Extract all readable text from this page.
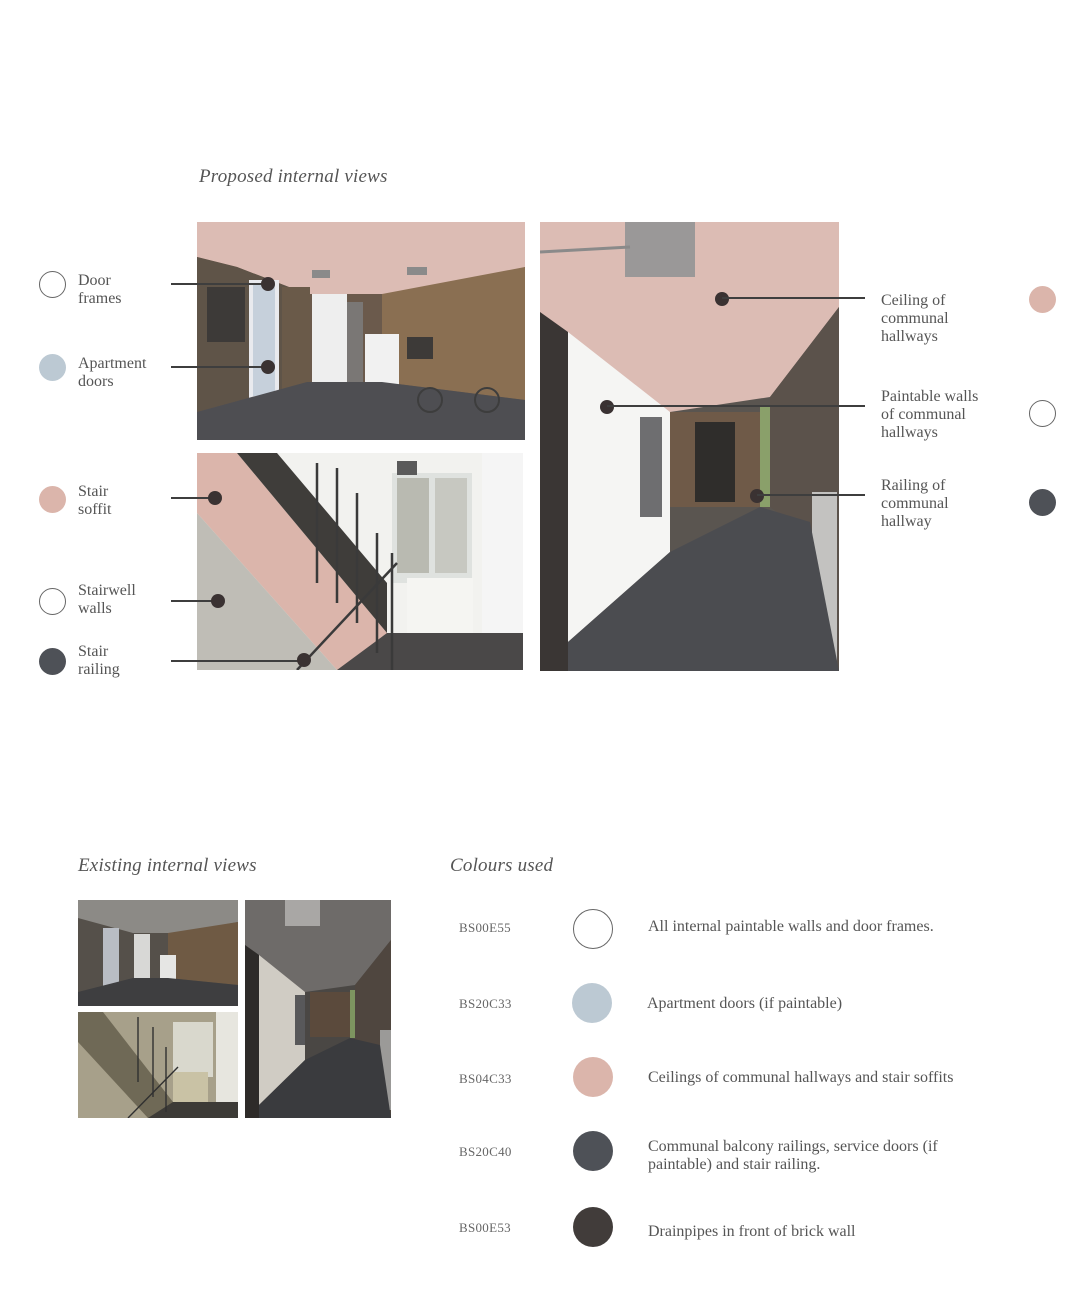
Proposed internal views
Door
frames
Apartment
doors
Stair
soffit
Stairwell
walls
Stair
railing
Ceiling of
communal
hallways
Paintable walls
of communal
hallways
Railing of
communal
hallway
Existing internal views	Colours used
BS00E55	All internal paintable walls and door frames.
BS20C33	Apartment doors (if paintable)
BS04C33	Ceilings of communal hallways and stair soffits
BS20C40	Communal balcony railings, service doors (if paintable) and stair railing.
BS00E53	Drainpipes in front of brick wall
